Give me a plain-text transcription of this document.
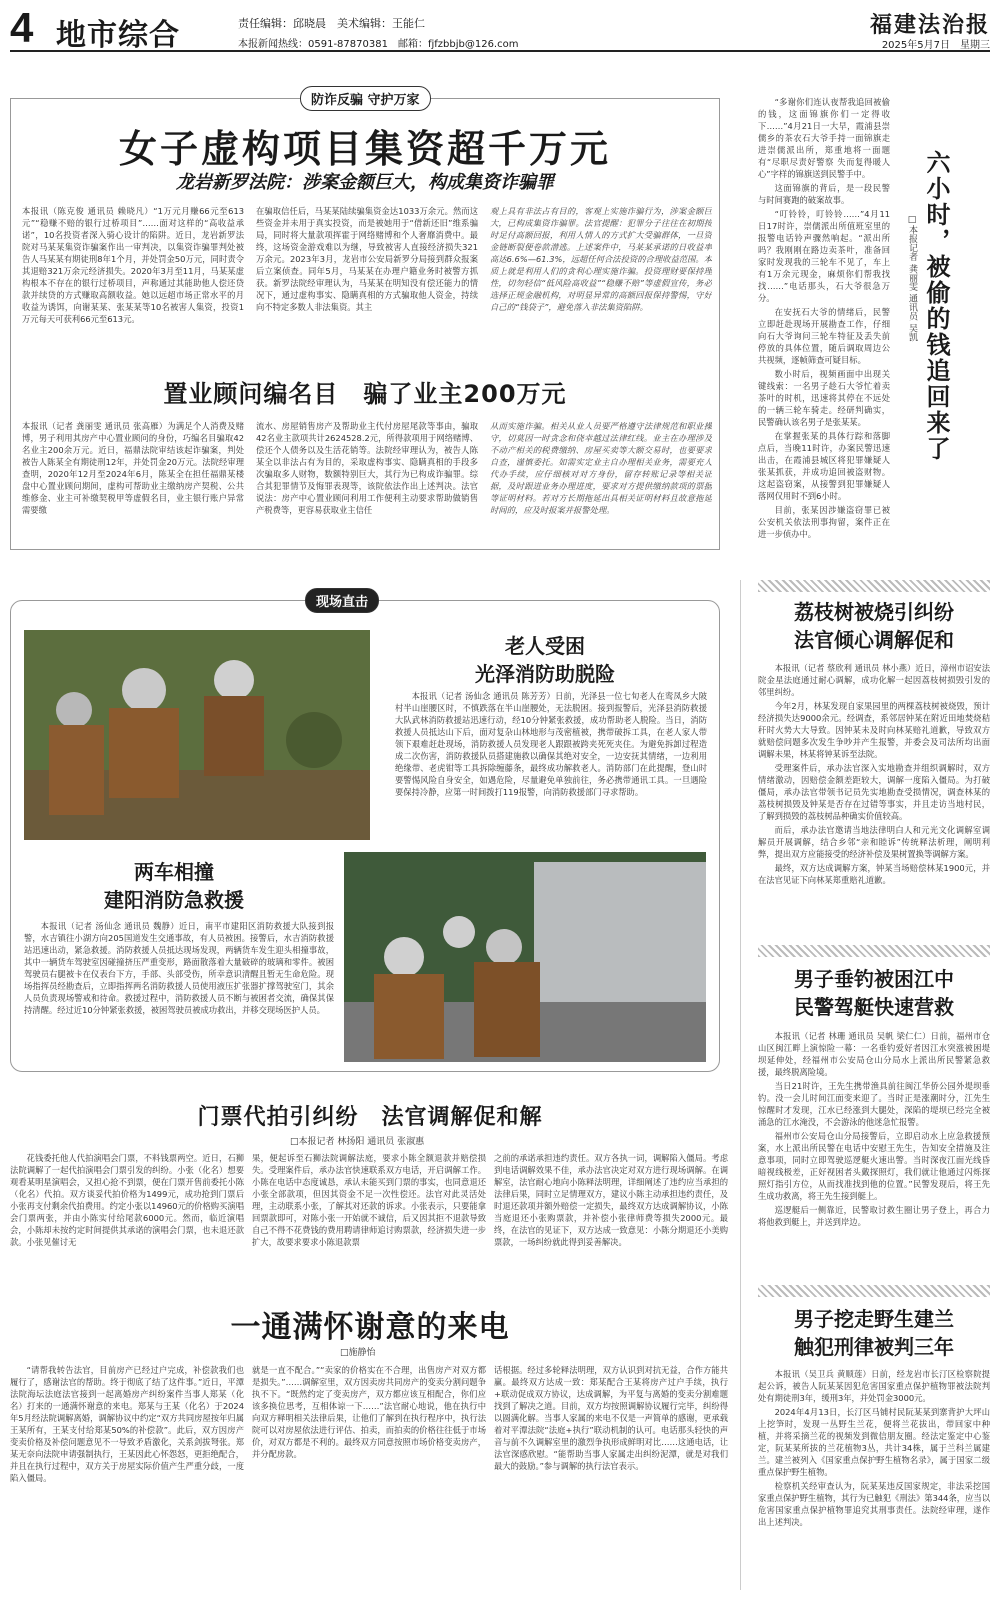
4 地市综合	责任编辑：邱晓晨　美术编辑：王能仁
本报新闻热线：0591-87870381　邮箱：fjfzbbjb@126.com
福建法治报
2025年5月7日　星期三
防诈反骗 守护万家
女子虚构项目集资超千万元
龙岩新罗法院：涉案金额巨大，构成集资诈骗罪
本报讯（陈克俊 通讯员 赖晓凡）“1万元月赚66元至613元”“稳赚不赔的银行过桥项目”……面对这样的“高收益承诺”，10名投资者深入骑心设计的陷阱。近日，龙岩新罗法院对马某某集资诈骗案作出一审判决，以集资诈骗罪判处被告人马某某有期徒刑8年1个月，并处罚金50万元，同时责令其退赔321万余元经济损失。2020年3月至11月，马某某虚构根本不存在的银行过桥项目，声称通过其能助他人偿还贷款并续贷的方式赚取高额收益。她以远超市场正常水平的月收益为诱饵，向谢某某、张某某等10名被害人集资，投资1万元每天可获利66元至613元。
在骗取信任后，马某某陆续骗集资金达1033万余元。然而这些资金并未用于真实投资，而是被她用于“借新还旧”维系骗局，同时将大量款项挥霍于网络赌博和个人奢靡消费中。最终，这场资金游戏难以为继，导致被害人直接经济损失321万余元。2023年3月，龙岩市公安局新罗分局接到群众报案后立案侦查。同年5月，马某某在办理户籍业务时被警方抓获。新罗法院经审理认为，马某某在明知没有偿还能力的情况下，通过虚构事实、隐瞒真相的方式骗取他人资金，持续向不特定多数人非法集资。其主
观上具有非法占有目的，客观上实施诈骗行为，涉案金额巨大，已构成集资诈骗罪。法官提醒：犯罪分子往往在初期按时足付高额回报，利用人情人的方式扩大受骗群体，一旦资金链断裂便卷款潜逃。上述案件中，马某某承诺的日收益率高达6.6%—61.3%，远超任何合法投资的合理收益范围。本质上就是利用人们的贪利心理实施诈骗。投资理财要保持理性，切勿轻信“低风险高收益”“稳赚不赔”等虚假宣传，务必选择正规金融机构，对明显异常的高额回报保持警惕，守好自己的“钱袋子”，避免落入非法集资陷阱。
置业顾问编名目　骗了业主200万元
本报讯（记者 龚丽雯 通讯员 张高雁）为满足个人消费及赌博，男子利用其房产中心置业顾问的身份，巧编名目骗取42名业主200余万元。近日，福鼎法院审结该起诈骗案，判处被告人陈某全有期徒刑12年，并处罚金20万元。法院经审理查明，2020年12月至2024年6月，陈某全在担任福鼎某楼盘中心置业顾问期间，虚构可帮助业主缴纳房产契税、公共维修金、业主可补缴契税甲等虚假名目，业主银行账户异常需要缴
流水、房屋销售房产及帮助业主代付房屋尾款等事由，骗取42名业主款项共计2624528.2元，所得款项用于网络赌博、偿还个人债务以及生活花销等。法院经审理认为，被告人陈某全以非法占有为目的，采取虚构事实、隐瞒真相的手段多次骗取多人财物，数额特别巨大，其行为已构成诈骗罪。综合其犯罪情节及悔罪表现等，该院依法作出上述判决。法官说法：房产中心置业顾问利用工作便利主动要求帮助做销售产税费等，更容易获取业主信任
从而实施诈骗。相关从业人员要严格遵守法律规范和职业操守，切莫因一时贪念和侥幸越过法律红线。业主在办理涉及不动产相关的税费缴纳、房屋买卖等大额交易时，也要要求自查，谨慎委托。如需实定业主自办理相关业务，需要充人代办手续，应仔细核对对方身份，留存转账记录等相关证据，及时跟进业务办理进度，要求对方提供缴纳款项的票据等证明材料。若对方长期拖延出具相关证明材料且故意拖延时间的，应及时报案并报警处理。

“多谢你们连认夜帮我追回被偷的钱，这面锦旗你们一定得收下……”4月21日一大早，霞浦县崇儒乡的茶农石大爷手持一面锦旗走进崇儒派出所，郑重地将一面题有“尽职尽责好警察 失而复得暖人心”字样的锦旗送到民警手中。

这面锦旗的背后，是一段民警与时间赛跑的破案故事。

“叮铃铃，叮铃铃……”4月11日17时许，崇儒派出所值班室里的报警电话铃声骤然响起。“派出所吗？我刚刚在路边卖茶叶，准备回家时发现我的三轮车不见了，车上有1万余元现金，麻烦你们帮我找找……”电话那头，石大爷很急万分。

在安抚石大爷的情绪后，民警立即赶赴现场开展勘查工作，仔细向石大爷询问三轮车特征及丢失前停放的具体位置，随后调取周边公共视频，逐帧筛查可疑目标。

数小时后，视频画面中出现关键线索：一名男子趁石大爷忙着卖茶叶的时机，迅速将其停在不远处的一辆三轮车骑走。经研判确实，民警确认该名男子是张某某。

在掌握张某的具体行踪和落脚点后，当晚11时许，办案民警迅速出击，在霞浦县城区将犯罪嫌疑人张某抓获，并成功追回被盗财物。这起盗窃案，从接警到犯罪嫌疑人落网仅用时不到6小时。

目前，张某因涉嫌盗窃罪已被公安机关依法刑事拘留，案件正在进一步侦办中。

六小时，被偷的钱追回来了
□本报记者 龚丽雯 通讯员 吴凯
现场直击
老人受困
光泽消防助脱险
本报讯（记者 汤仙念 通讯员 陈芳芳）日前，光泽县一位七旬老人在鸾凤乡大陂村半山崖腰区时，不慎跌落在半山崖腰处，无法脱困。接到报警后，光泽县消防救援大队武林消防救援站迅速行动，经10分钟紧张救援，成功帮助老人脱险。当日，消防救援人员抵达山下后，面对复杂山林地形与茂密植被，携带破拆工具，在老人家人带领下艰难赶赴现场，消防救援人员发现老人跟跟被跨夹死死夹住。为避免拆卸过程造成二次伤害，消防救援队员搭建施救以确保其绝对安全，一边安抚其情绪，一边利用绝缘带、老虎钳等工具拆除缠藤条，最终成功解救老人。消防部门在此提醒，登山时要警惕风险自身安全，如遇危险，尽量避免单独前往，务必携带通讯工具。一旦遇险要保持冷静，应第一时间拨打119报警，向消防救援部门寻求帮助。
两车相撞
建阳消防急救援
本报讯（记者 汤仙念 通讯员 魏静）近日，南平市建阳区消防救援大队接到报警，水吉镇往小湖方向205国道发生交通事故，有人员被困。接警后，水吉消防救援站迅速出动，紧急救援。消防救援人员抵达现场发现，两辆货车发生迎头相撞事故，其中一辆货车驾驶室因碰撞挤压严重变形，路面散落着大量破碎的玻璃和零件。被困驾驶员右腿被卡在仪表台下方，手部、头部受伤，所幸意识清醒且暂无生命危险。现场指挥员经勘查后，立即指挥两名消防救援人员使用液压扩张器扩撑驾驶室门，其余人员负责现场警戒和待命。救援过程中，消防救援人员不断与被困者交流，确保其保持清醒。经过近10分钟紧张救援，被困驾驶员被成功救出，并移交现场医护人员。
荔枝树被烧引纠纷
法官倾心调解促和

本报讯（记者 蔡欣利 通讯员 林小燕）近日，漳州市诏安法院金星法庭通过耐心调解，成功化解一起因荔枝树损毁引发的邻里纠纷。

今年2月，林某发现自家果园里的两棵荔枝树被烧毁，预计经济损失达9000余元。经调查，系邻居钟某在附近田地焚烧秸秆时火势大大导致。因钟某未及时向林某赔礼道歉，导致双方就赔偿问题多次发生争吵并产生报警，并委会及司法所均出面调解未果，林某将钟某诉至法院。

受理案件后，承办法官深入实地勘查并组织调解时，双方情绪激动，因赔偿金额差距较大，调解一度陷入僵局。为打破僵局，承办法官带领书记员先实地勘查受损情况，调查林某的荔枝树损毁及钟某是否存在过错等事实，并且走访当地村民，了解到损毁的荔枝树品种确实价值较高。

而后，承办法官邀请当地法律明白人和元光文化调解室调解员开展调解，结合乡邻“亲和睦诉”传统释法析理，阐明利弊，提出双方应能接受的经济补偿及果树置换等调解方案。

最终，双方达成调解方案，钟某当场赔偿林某1900元，并在法官见证下向林某郑重赔礼道歉。

男子垂钓被困江中
民警驾艇快速营救

本报讯（记者 林珊 通讯员 吴帆 梁仁仁）日前，福州市仓山区闽江畔上演惊险一幕：一名垂钓爱好者因江水突涨被困堤坝延伸处，经福州市公安局仓山分局水上派出所民警紧急救援，最终脱离险境。

当日21时许，王先生携带渔具前往闽江华侨公园外堤坝垂钓。没一会儿时间江面变来迎了。当时正是涨潮时分，江先生惊醒时才发现，江水已经涨到大腿处，深陷的堤坝已经完全被涌急的江水淹没，不会游泳的他迷急忙报警。

福州市公安局仓山分局接警后，立即启动水上应急救援预案，水上派出所民警在电话中安慰王先生，告知安全措施及注意事项，同时立即驾驶巡逻艇火速出警。当时深夜江面光线昏暗视线极差，正好视困者头戴探照灯，我们就让他通过闪烁探照灯指引方位，从而找准找到他的位置。”民警发现后，将王先生成功救离，将王先生接到艇上。

巡逻艇后一侧靠近，民警取讨救生圈让男子登上，再合力将他救到艇上，并送到岸边。

男子挖走野生建兰
触犯刑律被判三年

本报讯（吴卫兵 黄顺莲）日前，经龙岩市长汀区检察院提起公诉，被告人阮某某因犯危害国家重点保护植物罪被法院判处有期徒刑3年，缓刑3年，并处罚金3000元。

2024年4月13日，长汀区马铺村民阮某某到寨背护大坪山上挖笋时，发现一丛野生兰花，便将兰花拔出，带回家中种植，并将采摘兰花的视频发到微信朋友圈。经法定鉴定中心鉴定，阮某某所拔的兰花植物3丛，共计34株，属于兰科兰属建兰。建兰被列入《国家重点保护野生植物名录》，属于国家二级重点保护野生植物。

检察机关经审查认为，阮某某违反国家规定，非法采挖国家重点保护野生植物，其行为已触犯《刑法》第344条，应当以危害国家重点保护植物罪追究其刑事责任。法院经审理，遂作出上述判决。

门票代拍引纠纷　法官调解促和解
□本报记者 林扬阳 通讯员 张淑惠
花钱委托他人代拍演唱会门票，不料钱票两空。近日，石狮法院调解了一起代拍演唱会门票引发的纠纷。小张（化名）想要观看某明星演唱会，又担心抢不到票，便在门票开售前委托小陈（化名）代拍。双方谈妥代拍价格为1499元，成功抢到门票后小张再支付剩余代拍费用。约定小张以14960元的价格购买演唱会门票两张，并由小陈实付给尾款6000元。然而，临近演唱会，小陈却未按约定时间提供其承诺的演唱会门票，也未退还款款。小张见催讨无
果，便起诉至石狮法院调解法庭，要求小陈全额退款并赔偿损失。受理案件后，承办法官快速联系双方电话，开启调解工作。小陈在电话中态度诚恳，承认未能买到门票的事实，也同意退还小张全部款项，但因其资金不足一次性偿还。法官对此灵活处理，主动联系小张，了解其对还款的诉求。小张表示，只要能拿回票款即可，对陈小张一开始就不诚信，后又因其拒不退款导致自己不得不花费钱的费用聘请律师追讨购票款，经济损失进一步扩大，故要求要求小陈退款票
之前的承诺承担违约责任。双方各执一词，调解陷入僵局。考虑到电话调解效果不佳，承办法官决定对双方进行现场调解。在调解室，法官耐心地向小陈释法明理，详细阐述了违约应当承担的法律后果，同时立足情理双方，建议小陈主动承担违约责任，及时退还款项并额外赔偿一定损失，最终双方达成调解协议，小陈当庭退还小张购票款，并补偿小张律师费等损失2000元。最终，在法官的见证下，双方达成一致意见：小陈分期退还小美购票款，一场纠纷就此得到妥善解决。
一通满怀谢意的来电
□施静怡
“请帮我转告法官，目前房产已经过户完成，补偿款我们也履行了，感谢法官的帮助。终于彻底了结了这件事。”近日，平潭法院海坛法庭法官接到一起离婚房产纠纷案件当事人郑某（化名）打来的一通满怀谢意的来电。郑某与王某（化名）于2024年5月经法院调解离婚，调解协议中约定“双方共同房屋按年归属王某所有，王某支付给郑某50%的补偿款”。此后，双方因房产变卖价格及补偿问题意见不一导致矛盾激化，关系剑拔弩张。郑某无奈向法院申请强制执行，王某因此心怀怨怒，更拒绝配合，并且在执行过程中，双方关于房屋实际价值产生严重分歧，一度陷入僵局。
就是一直不配合。”“卖家的价格实在不合理，出售房产对双方都是损失。”……调解室里，双方因卖房共同房产的变卖分割问题争执不下。“既然约定了变卖房产，双方都应该互相配合，你们应该多换位思考，互相体谅一下……”法官耐心地说，他在执行中向双方释明相关法律后果，让他们了解到在执行程序中，执行法院可以对房屋依法进行评估、拍卖，而拍卖的价格往往低于市场价，对双方都是不利的。最终双方同意按照市场价格变卖房产，并分配房款。
话根据。经过多轮释法明理，双方认识到对抗无益，合作方能共赢。最终双方达成一致：郑某配合王某将房产过户手续，执行+联动促成双方协议，达成调解，为平复与离婚的变卖分割难题找到了解决之道。目前，双方均按照调解协议履行完毕，纠纷得以圆满化解。当事人家属的来电不仅是一声简单的感谢，更承载着对平潭法院“法庭+执行”联动机制的认可。电话那头轻快的声音与前不久调解室里的激烈争执形成鲜明对比……这通电话，让法官深感欣慰。“能帮助当事人家属走出纠纷泥潭，就是对我们最大的鼓励。”参与调解的执行法官表示。
